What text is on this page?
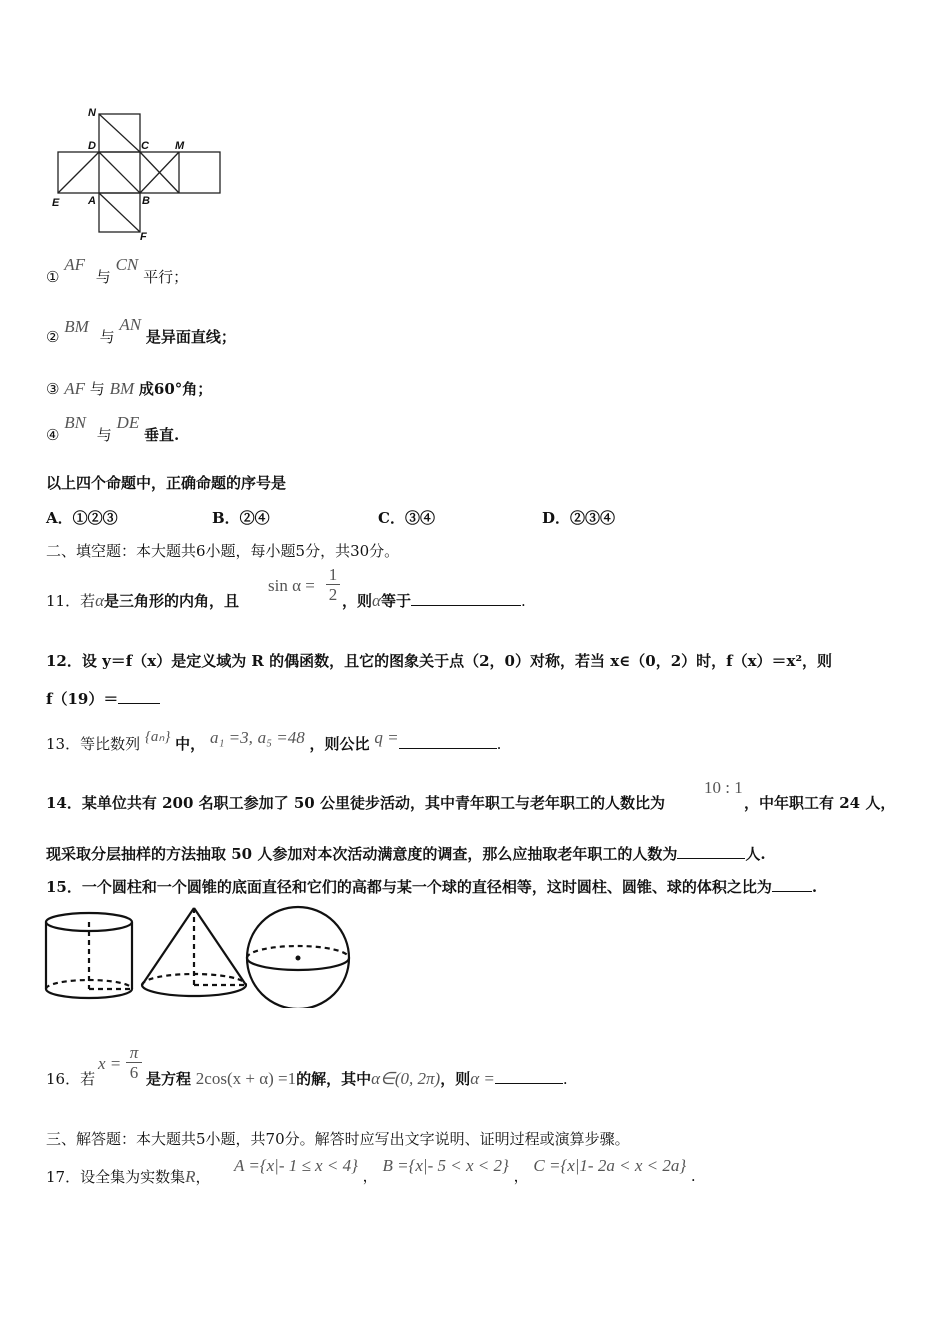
N
D	C M
E	A	B
F
① AF 与 CN 平行；
② BM 与 AN 是异面直线；
③ AF 与 BM 成60°角；
④ BN 与 DE 垂直.
以上四个命题中，正确命题的序号是
A．①②③	B．②④	C．③④	D．②③④
二、填空题：本大题共6小题，每小题5分，共30分。
11．若α是三角形的内角，且
sin α =
1
2 ，则α等于	.
12．设 y＝f（x）是定义域为 R 的偶函数，且它的图象关于点（2，0）对称，若当 x∈（0，2）时，f（x）＝x²，则
f（19）＝
13．等比数列 {aₙ} 中， a₁ =3, a₅ =48 ，则公比 q =	.
14．某单位共有 200 名职工参加了 50 公里徒步活动，其中青年职工与老年职工的人数比为
10 : 1
，中年职工有 24 人，
现采取分层抽样的方法抽取 50 人参加对本次活动满意度的调查，那么应抽取老年职工的人数为	人.
15．一个圆柱和一个圆锥的底面直径和它们的高都与某一个球的直径相等，这时圆柱、圆锥、球的体积之比为	.
16．若
x =
π
6 是方程 2cos(x + α) =1的解，其中α∈(0, 2π)，则α =	.
三、解答题：本大题共5小题，共70分。解答时应写出文字说明、证明过程或演算步骤。
17．设全集为实数集R，
A ={x|- 1 ≤ x < 4} ， B ={x|- 5 < x < 2} ， C ={x|1- 2a < x < 2a} .
